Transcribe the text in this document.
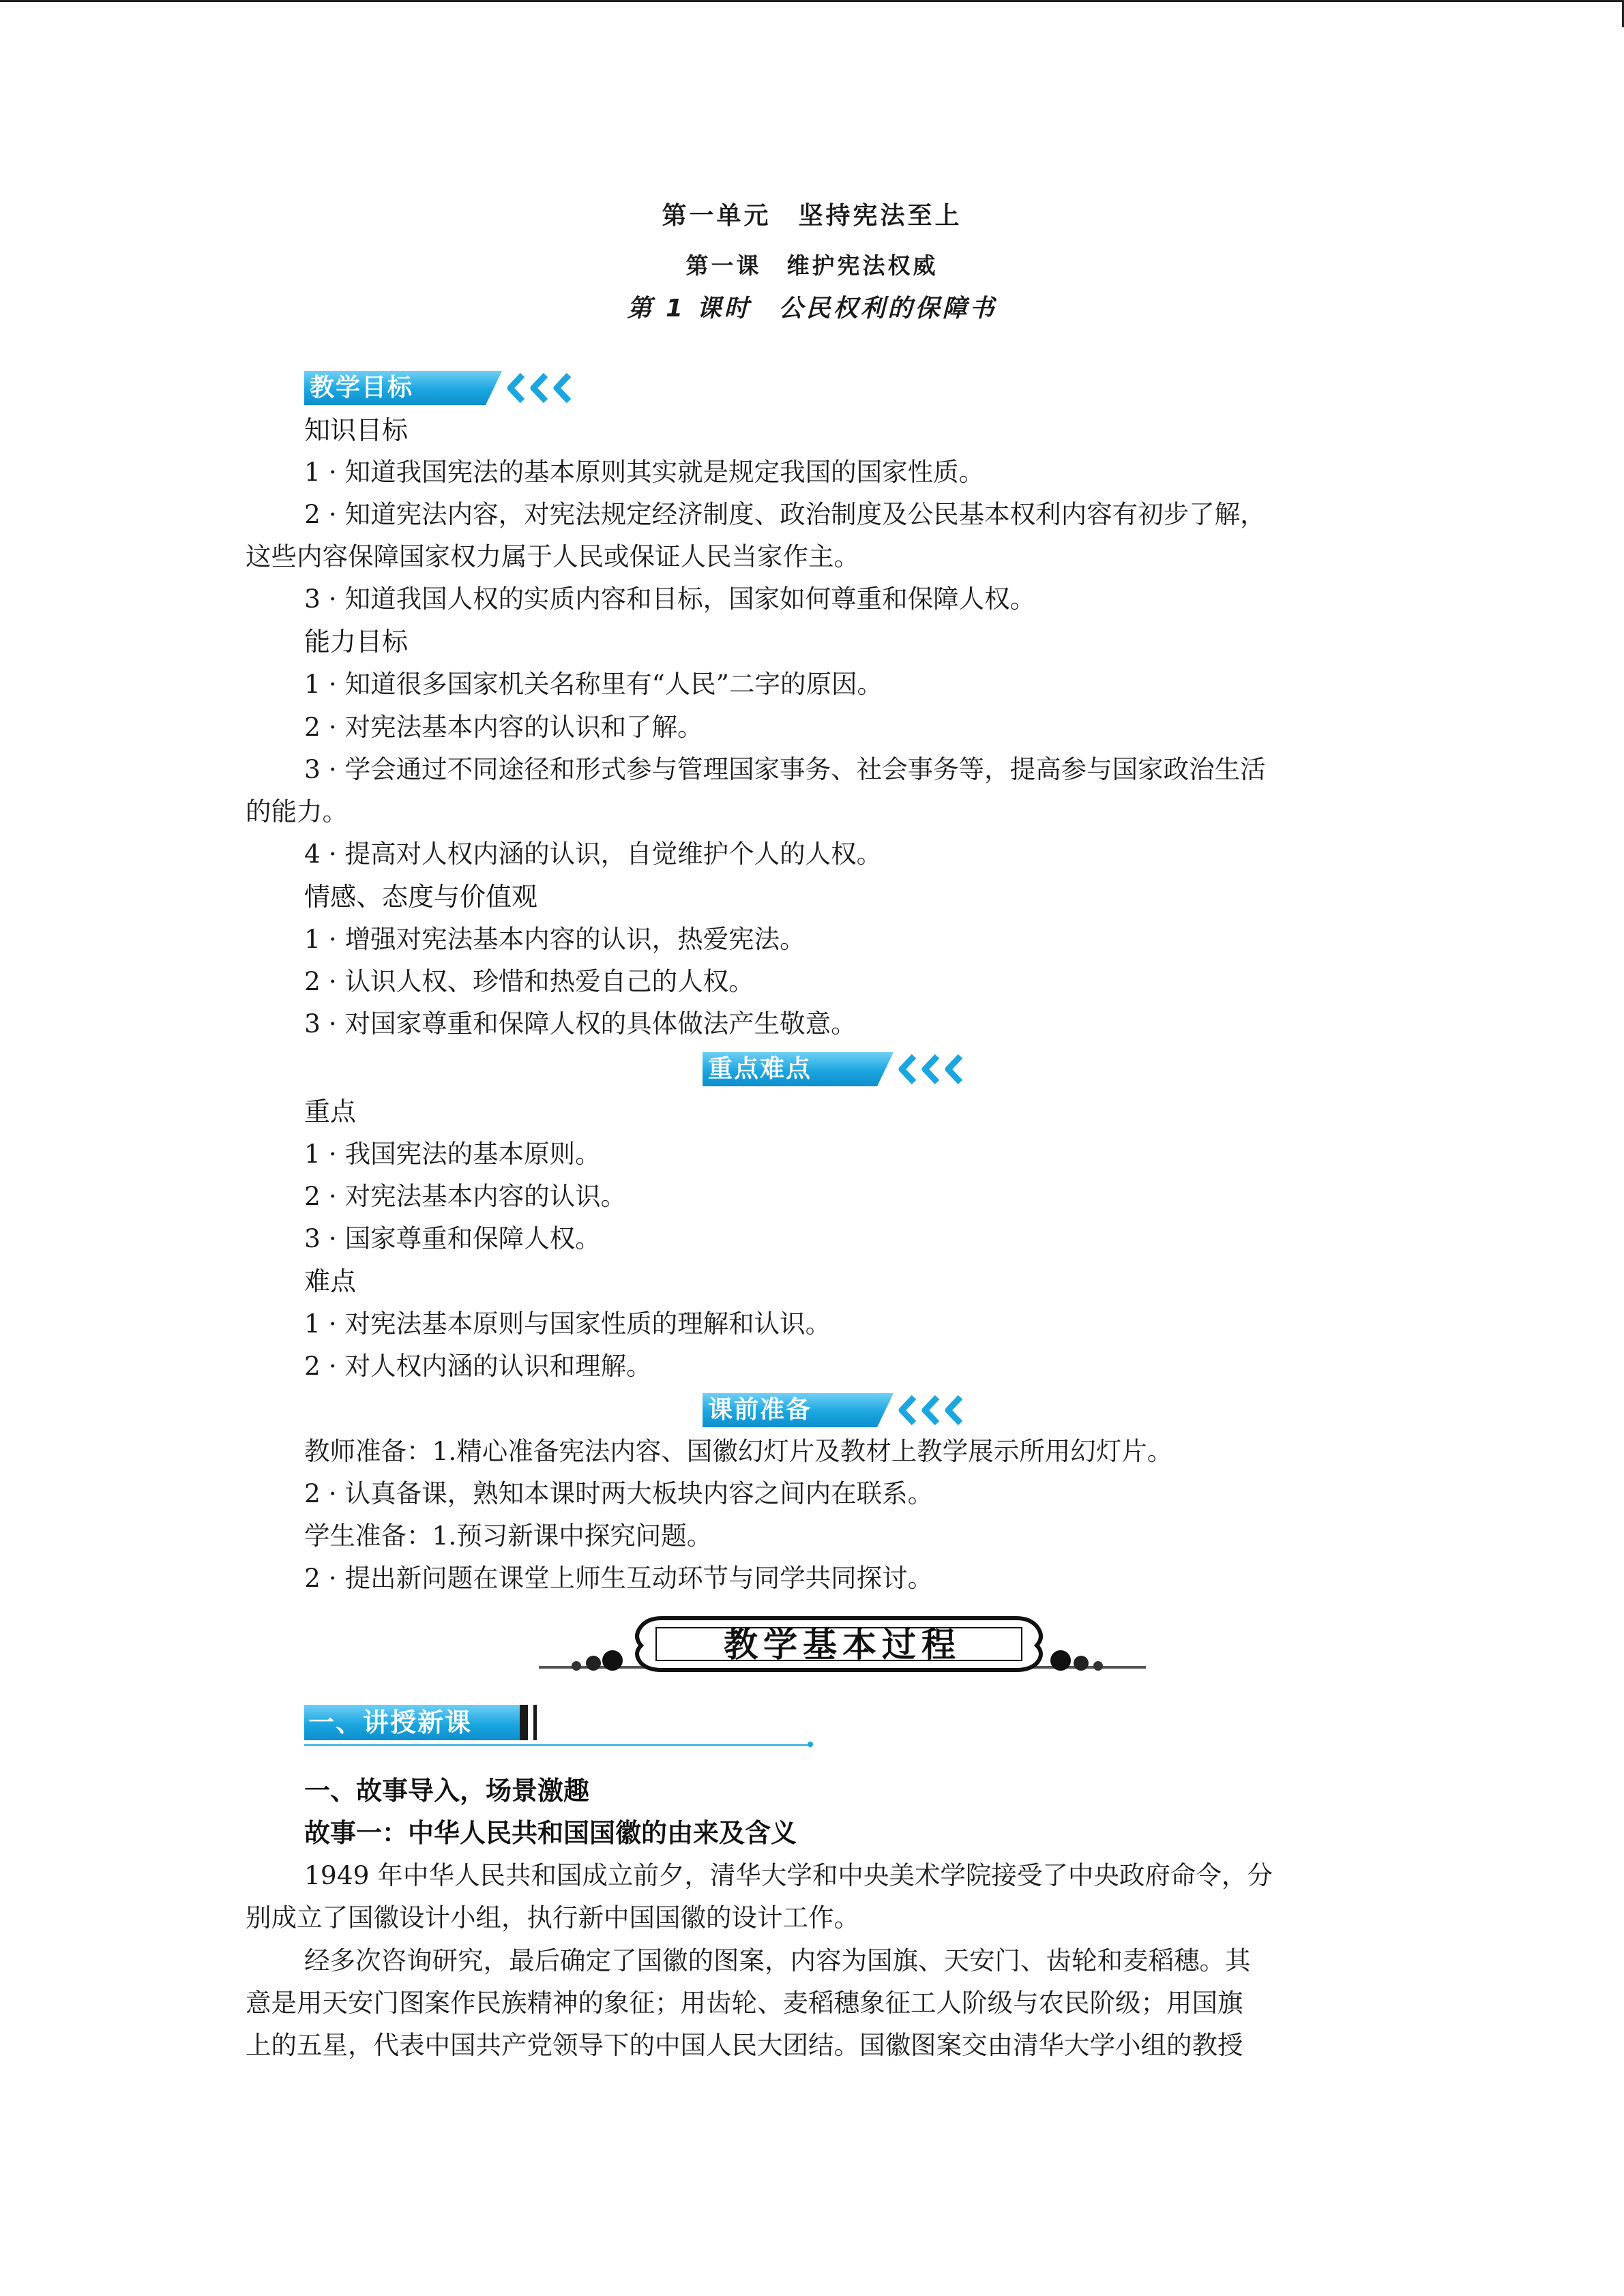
第一单元　坚持宪法至上
第一课　维护宪法权威
第 1 课时　公民权利的保障书
教学目标
知识目标
1 · 知道我国宪法的基本原则其实就是规定我国的国家性质。
2 · 知道宪法内容，对宪法规定经济制度、政治制度及公民基本权利内容有初步了解，
这些内容保障国家权力属于人民或保证人民当家作主。
3 · 知道我国人权的实质内容和目标，国家如何尊重和保障人权。
能力目标
1 · 知道很多国家机关名称里有“人民”二字的原因。
2 · 对宪法基本内容的认识和了解。
3 · 学会通过不同途径和形式参与管理国家事务、社会事务等，提高参与国家政治生活
的能力。
4 · 提高对人权内涵的认识，自觉维护个人的人权。
情感、态度与价值观
1 · 增强对宪法基本内容的认识，热爱宪法。
2 · 认识人权、珍惜和热爱自己的人权。
3 · 对国家尊重和保障人权的具体做法产生敬意。
重点难点
重点
1 · 我国宪法的基本原则。
2 · 对宪法基本内容的认识。
3 · 国家尊重和保障人权。
难点
1 · 对宪法基本原则与国家性质的理解和认识。
2 · 对人权内涵的认识和理解。
课前准备
教师准备：1.精心准备宪法内容、国徽幻灯片及教材上教学展示所用幻灯片。
2 · 认真备课，熟知本课时两大板块内容之间内在联系。
学生准备：1.预习新课中探究问题。
2 · 提出新问题在课堂上师生互动环节与同学共同探讨。
教学基本过程
一、讲授新课
一、故事导入，场景激趣
故事一：中华人民共和国国徽的由来及含义
1949 年中华人民共和国成立前夕，清华大学和中央美术学院接受了中央政府命令，分
别成立了国徽设计小组，执行新中国国徽的设计工作。
经多次咨询研究，最后确定了国徽的图案，内容为国旗、天安门、齿轮和麦稻穗。其
意是用天安门图案作民族精神的象征；用齿轮、麦稻穗象征工人阶级与农民阶级；用国旗
上的五星，代表中国共产党领导下的中国人民大团结。国徽图案交由清华大学小组的教授
